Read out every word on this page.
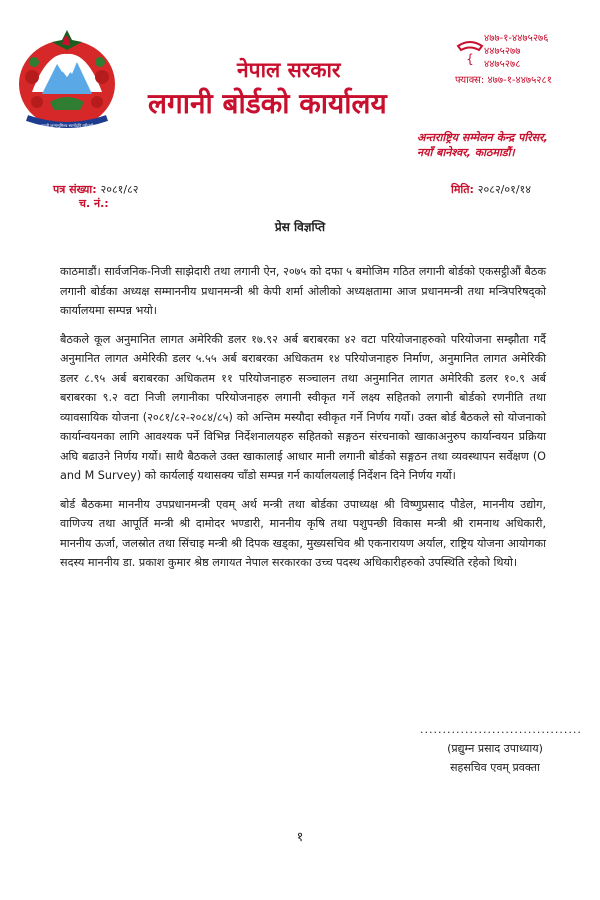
जननी जन्मभूमिश्च स्वर्गादपि गरीयसी
नेपाल सरकार
लगानी बोर्डको कार्यालय
{
४७७-१-४४७५२७६
४४७५२७७
४४७५२७८
फ्याक्स: ४७७-१-४४७५२८१
अन्तराष्ट्रिय सम्मेलन केन्द्र परिसर,
नयाँ बानेश्वर, काठमाडौं।
पत्र संख्या: २०८१/८२
च. नं.:
मिति: २०८२/०१/१४
प्रेस विज्ञप्ति

काठमाडौं। सार्वजनिक-निजी साझेदारी तथा लगानी ऐन, २०७५ को दफा ५ बमोजिम गठित लगानी बोर्डको एकसट्ठीऔं बैठक लगानी बोर्डका अध्यक्ष सम्माननीय प्रधानमन्त्री श्री केपी शर्मा ओलीको अध्यक्षतामा आज प्रधानमन्त्री तथा मन्त्रिपरिषद्को कार्यालयमा सम्पन्न भयो।

बैठकले कूल अनुमानित लागत अमेरिकी डलर १७.९२ अर्ब बराबरका ४२ वटा परियोजनाहरुको परियोजना सम्झौता गर्दै अनुमानित लागत अमेरिकी डलर ५.५५ अर्ब बराबरका अधिकतम १४ परियोजनाहरु निर्माण, अनुमानित लागत अमेरिकी डलर ८.९५ अर्ब बराबरका अधिकतम ११ परियोजनाहरु सञ्चालन तथा अनुमानित लागत अमेरिकी डलर १०.९ अर्ब बराबरका ९.२ वटा निजी लगानीका परियोजनाहरु लगानी स्वीकृत गर्ने लक्ष्य सहितको लगानी बोर्डको रणनीति तथा व्यावसायिक योजना (२०८१/८२-२०८४/८५) को अन्तिम मस्यौदा स्वीकृत गर्ने निर्णय गर्यो। उक्त बोर्ड बैठकले सो योजनाको कार्यान्वयनका लागि आवश्यक पर्ने विभिन्न निर्देशनालयहरु सहितको सङ्गठन संरचनाको खाकाअनुरुप कार्यान्वयन प्रक्रिया अघि बढाउने निर्णय गर्यो। साथै बैठकले उक्त खाकालाई आधार मानी लगानी बोर्डको सङ्गठन तथा व्यवस्थापन सर्वेक्षण (O and M Survey) को कार्यलाई यथासक्य चाँडो सम्पन्न गर्न कार्यालयलाई निर्देशन दिने निर्णय गर्यो।

बोर्ड बैठकमा माननीय उपप्रधानमन्त्री एवम् अर्थ मन्त्री तथा बोर्डका उपाध्यक्ष श्री विष्णुप्रसाद पौडेल, माननीय उद्योग, वाणिज्य तथा आपूर्ति मन्त्री श्री दामोदर भण्डारी, माननीय कृषि तथा पशुपन्छी विकास मन्त्री श्री रामनाथ अधिकारी, माननीय ऊर्जा, जलस्रोत तथा सिंचाइ मन्त्री श्री दिपक खड्का, मुख्यसचिव श्री एकनारायण अर्याल, राष्ट्रिय योजना आयोगका सदस्य माननीय डा. प्रकाश कुमार श्रेष्ठ लगायत नेपाल सरकारका उच्च पदस्थ अधिकारीहरुको उपस्थिति रहेको थियो।

....................................
(प्रद्युम्न प्रसाद उपाध्याय)
सहसचिव एवम् प्रवक्ता
१
